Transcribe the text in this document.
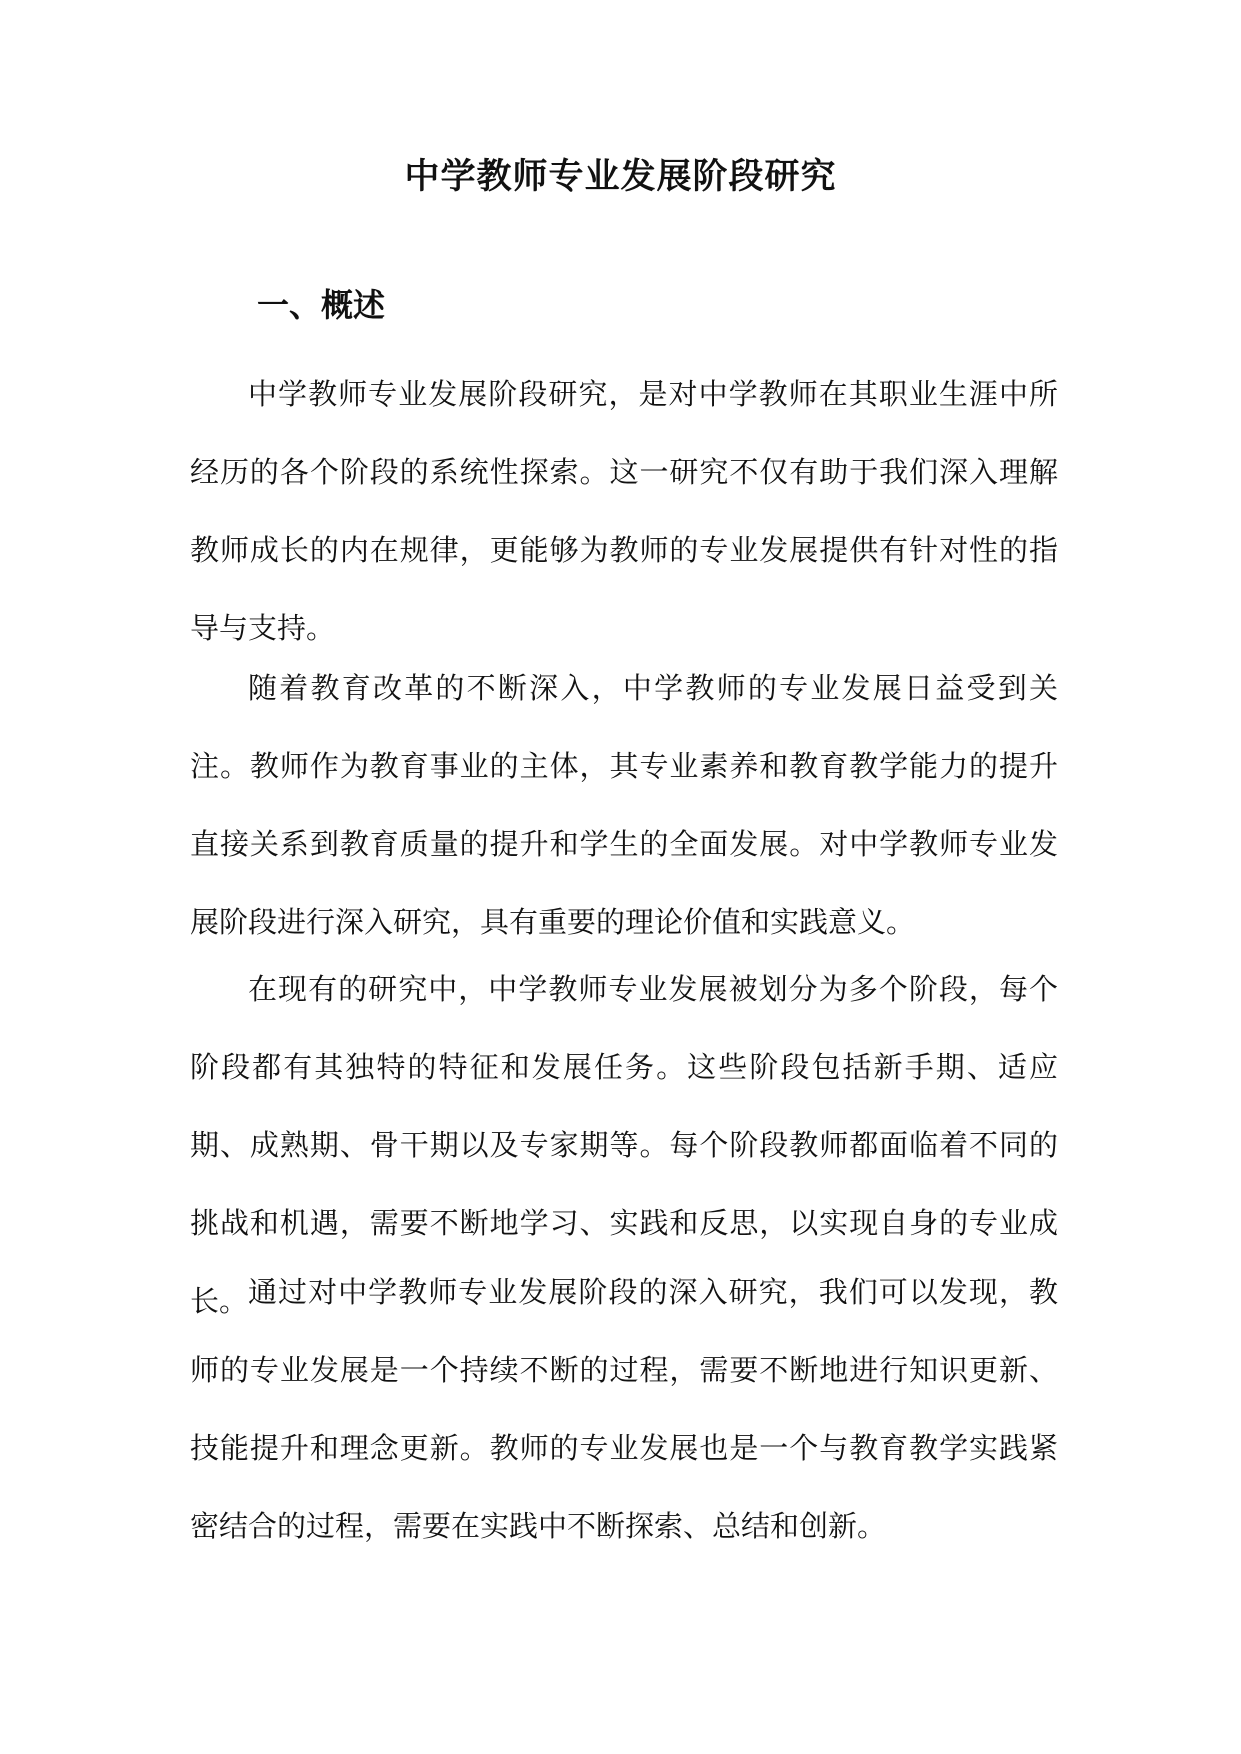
中学教师专业发展阶段研究
一、概述

中学教师专业发展阶段研究，是对中学教师在其职业生涯中所经历的各个阶段的系统性探索。这一研究不仅有助于我们深入理解教师成长的内在规律，更能够为教师的专业发展提供有针对性的指导与支持。

随着教育改革的不断深入，中学教师的专业发展日益受到关注。教师作为教育事业的主体，其专业素养和教育教学能力的提升直接关系到教育质量的提升和学生的全面发展。对中学教师专业发展阶段进行深入研究，具有重要的理论价值和实践意义。

在现有的研究中，中学教师专业发展被划分为多个阶段，每个阶段都有其独特的特征和发展任务。这些阶段包括新手期、适应期、成熟期、骨干期以及专家期等。每个阶段教师都面临着不同的挑战和机遇，需要不断地学习、实践和反思，以实现自身的专业成长。 通过对中学教师专业发展阶段的深入研究，我们可以发现，教师的专业发展是一个持续不断的过程，需要不断地进行知识更新、技能提升和理念更新。教师的专业发展也是一个与教育教学实践紧密结合的过程，需要在实践中不断探索、总结和创新。
